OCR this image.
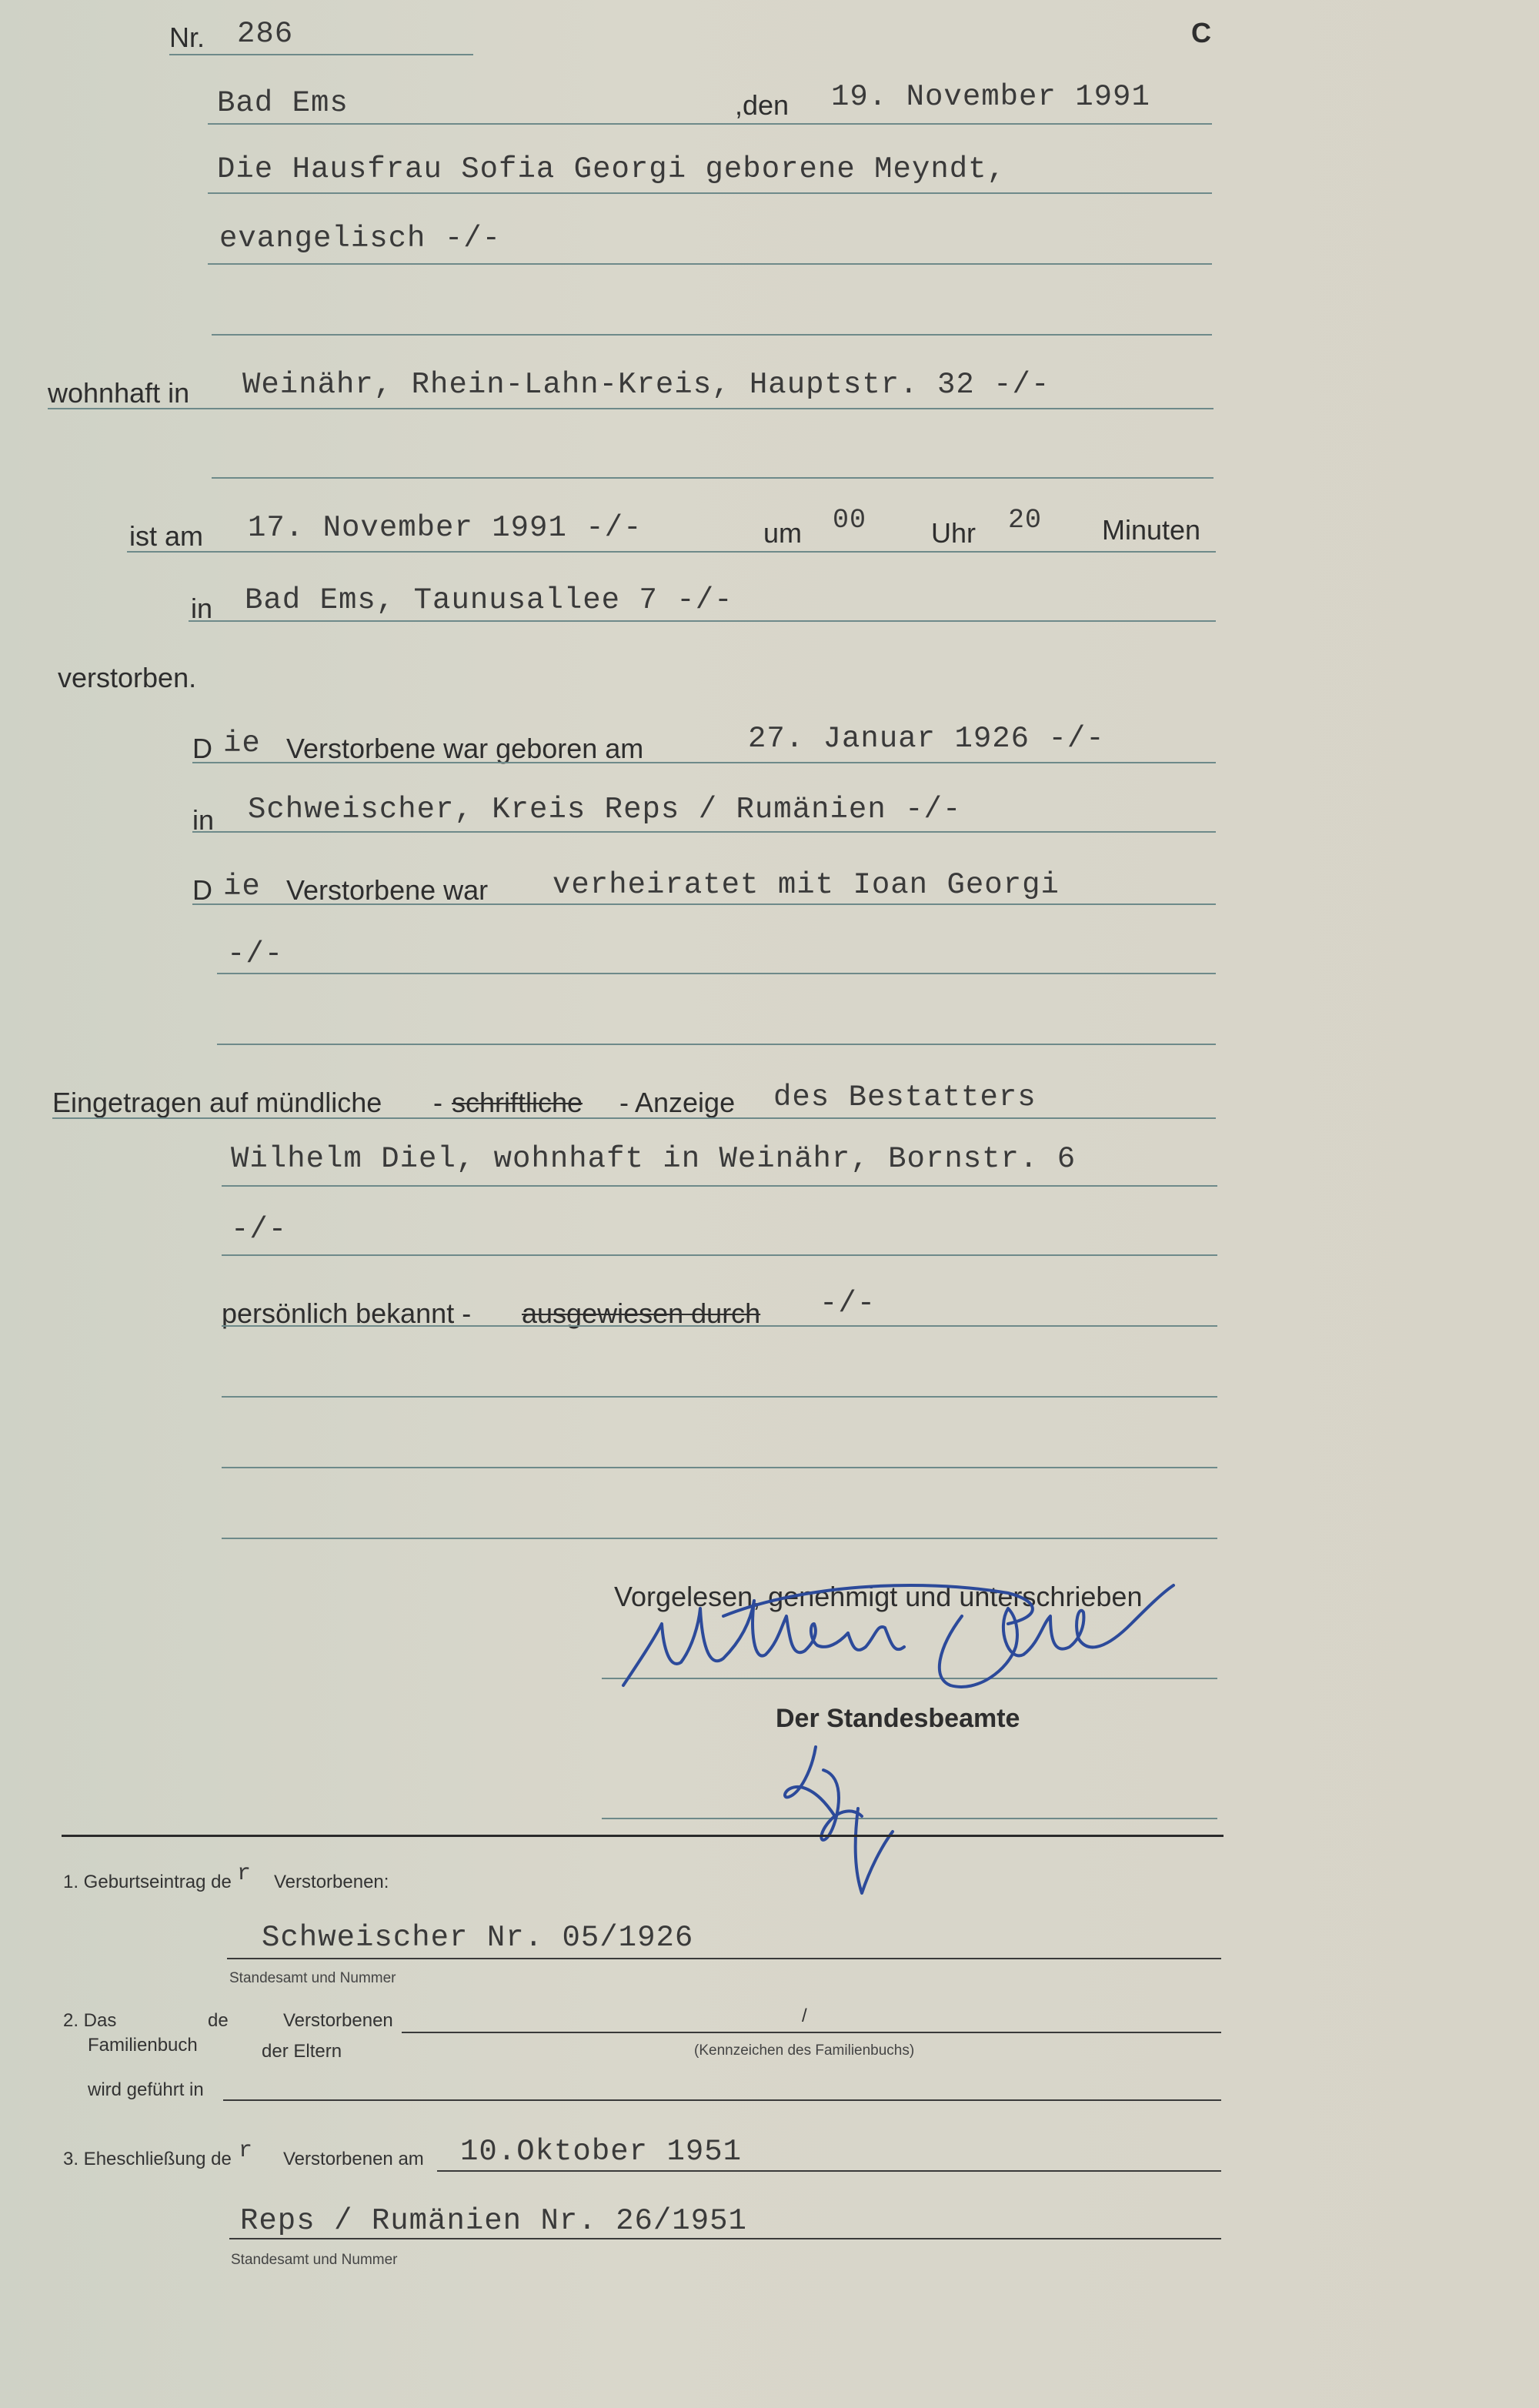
Nr. 286	C
Bad Ems	,den 19. November 1991
Die Hausfrau Sofia Georgi geborene Meyndt,
evangelisch -/-
wohnhaft in Weinähr, Rhein-Lahn-Kreis, Hauptstr. 32 -/-
ist am 17. November 1991 -/-	um 00 Uhr 20 Minuten
in Bad Ems, Taunusallee 7 -/-
verstorben.
D ie Verstorbene war geboren am	27. Januar 1926 -/-
in Schweischer, Kreis Reps / Rumänien -/-
D ie Verstorbene war verheiratet mit Ioan Georgi
-/-
Eingetragen auf mündliche - schriftliche - Anzeige des Bestatters
Wilhelm Diel, wohnhaft in Weinähr, Bornstr. 6
-/-
persönlich bekannt - ausgewiesen durch -/-
Vorgelesen, genehmigt und unterschrieben
Der Standesbeamte
1. Geburtseintrag de r Verstorbenen:
Schweischer Nr. 05/1926
Standesamt und Nummer
2. Das	de	Verstorbenen	/
Familienbuch	der Eltern	(Kennzeichen des Familienbuchs)
wird geführt in
3. Eheschließung de r Verstorbenen am 10.Oktober 1951
Reps / Rumänien Nr. 26/1951
Standesamt und Nummer
